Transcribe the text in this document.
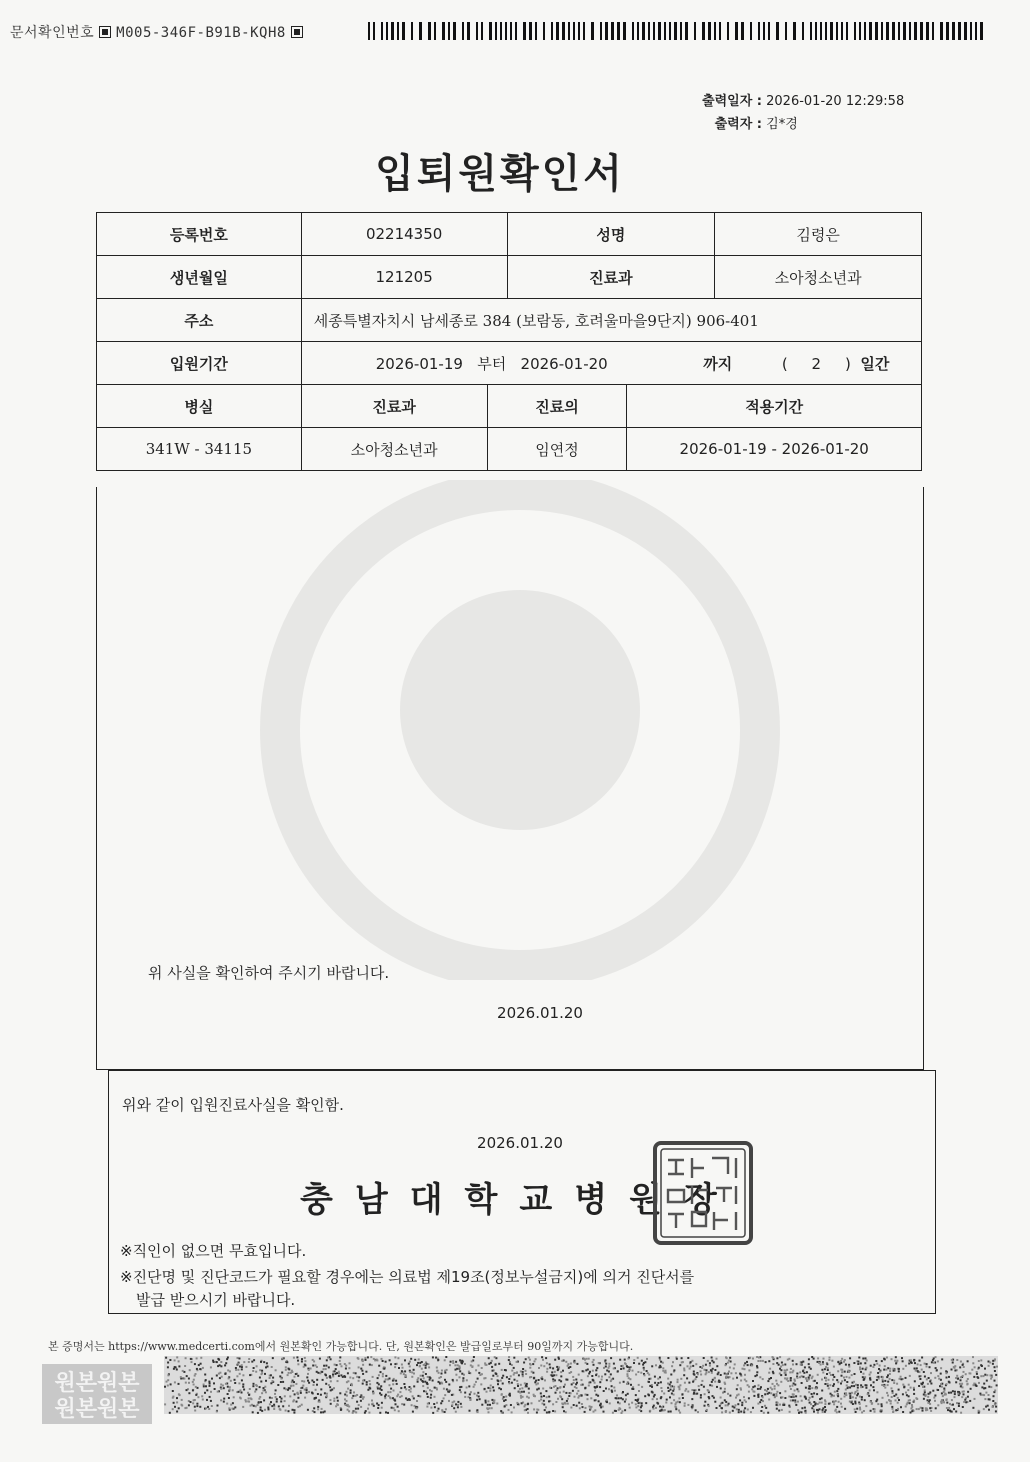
문서확인번호 M005-346F-B91B-KQH8
출력일자 : 2026-01-20 12:29:58
출력자 : 김*경
입퇴원확인서
등록번호	02214350		성명		김령은
생년월일	121205		진료과		소아청소년과
주소	세종특별자치시 남세종로 384 (보람동, 호려울마을9단지) 906-401				
입원기간	2026-01-19 부터 2026-01-20 까지 ( 2 ) 일간				
병실	진료과	진료의		적용기간	
341W - 34115	소아청소년과	임연정		2026-01-19 - 2026-01-20	
위 사실을 확인하여 주시기 바랍니다.
2026.01.20
위와 같이 입원진료사실을 확인함.
2026.01.20
충남대학교병원장
※직인이 없으면 무효입니다.
※진단명 및 진단코드가 필요할 경우에는 의료법 제19조(정보누설금지)에 의거 진단서를
발급 받으시기 바랍니다.
본 증명서는 https://www.medcerti.com에서 원본확인 가능합니다. 단, 원본확인은 발급일로부터 90일까지 가능합니다.
원본원본
원본원본
